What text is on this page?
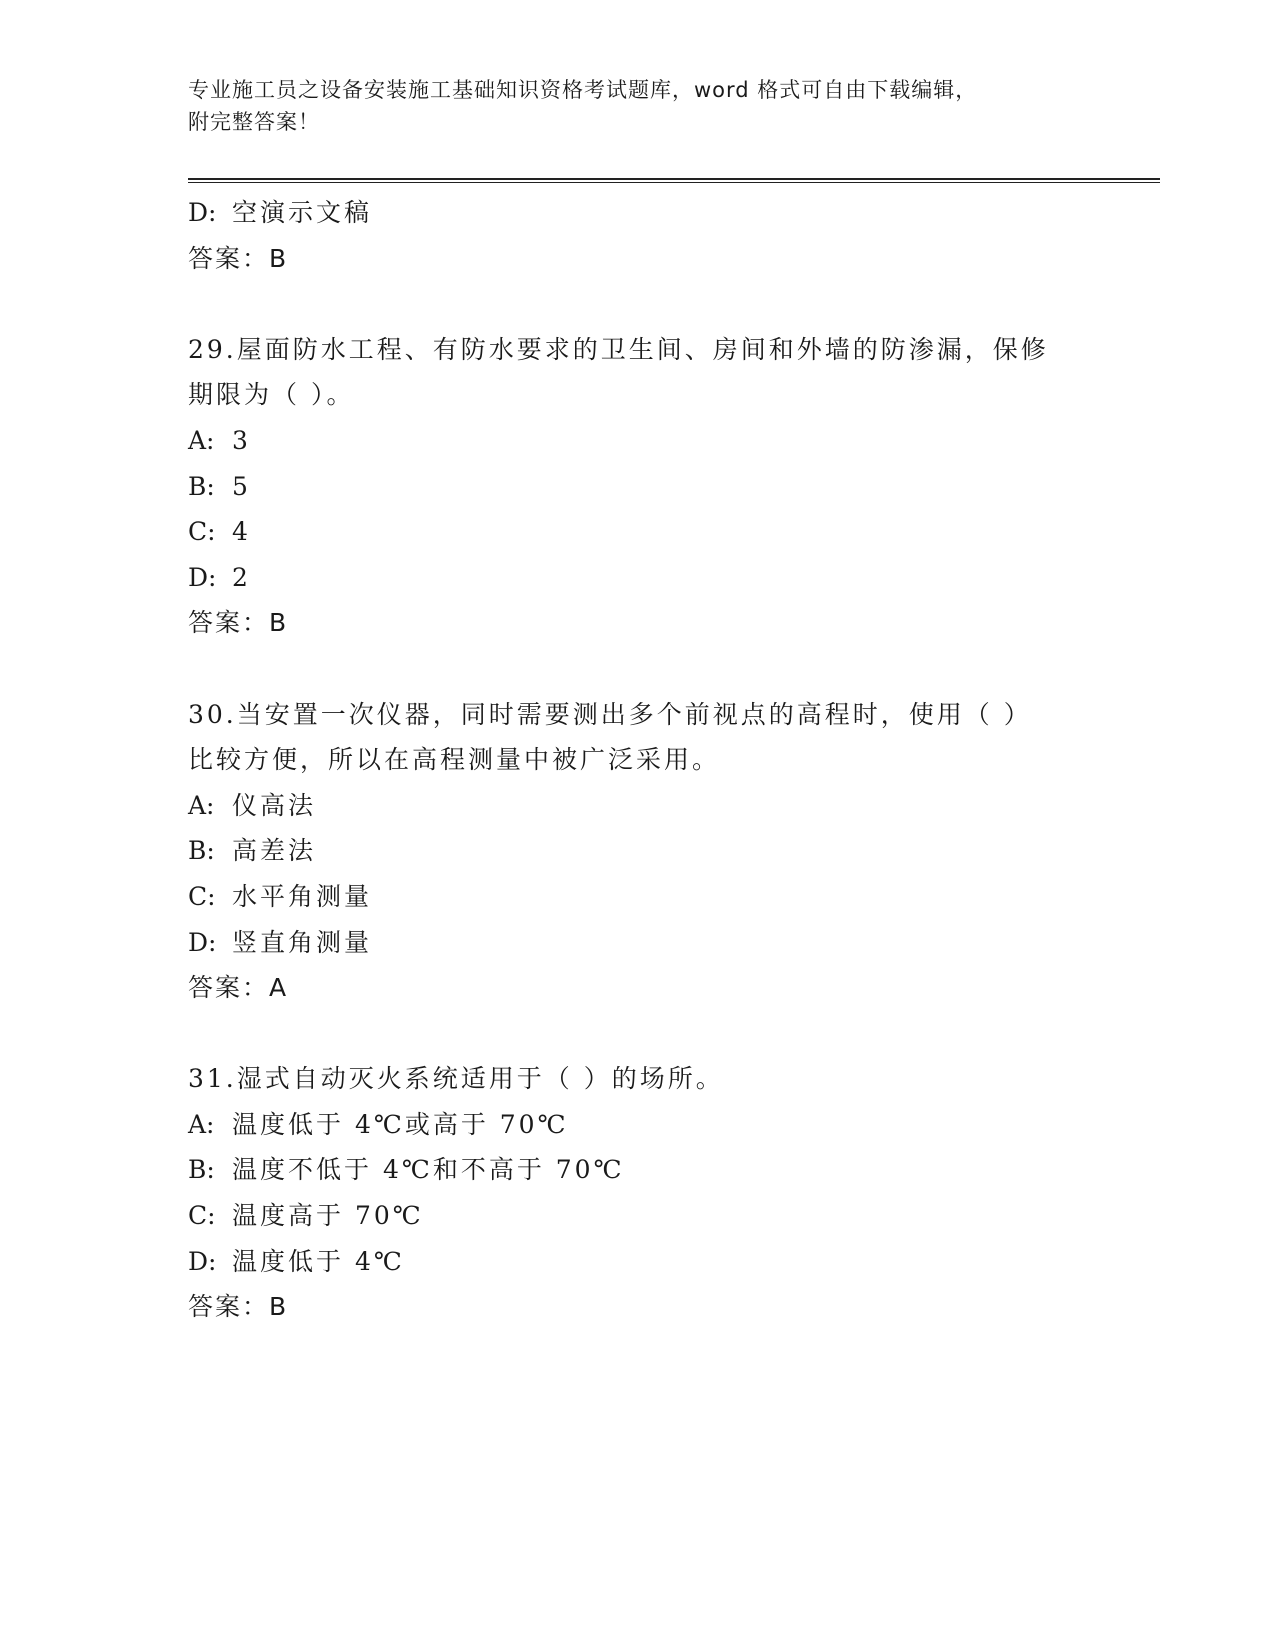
专业施工员之设备安装施工基础知识资格考试题库，word 格式可自由下载编辑，
附完整答案！
D: 空演示文稿
答案：B
29.屋面防水工程、有防水要求的卫生间、房间和外墙的防渗漏，保修
期限为（ ）。
A: 3
B: 5
C: 4
D: 2
答案：B
30.当安置一次仪器，同时需要测出多个前视点的高程时，使用（ ）
比较方便，所以在高程测量中被广泛采用。
A: 仪高法
B: 高差法
C: 水平角测量
D: 竖直角测量
答案：A
31.湿式自动灭火系统适用于（ ）的场所。
A: 温度低于 4℃或高于 70℃
B: 温度不低于 4℃和不高于 70℃
C: 温度高于 70℃
D: 温度低于 4℃
答案：B
